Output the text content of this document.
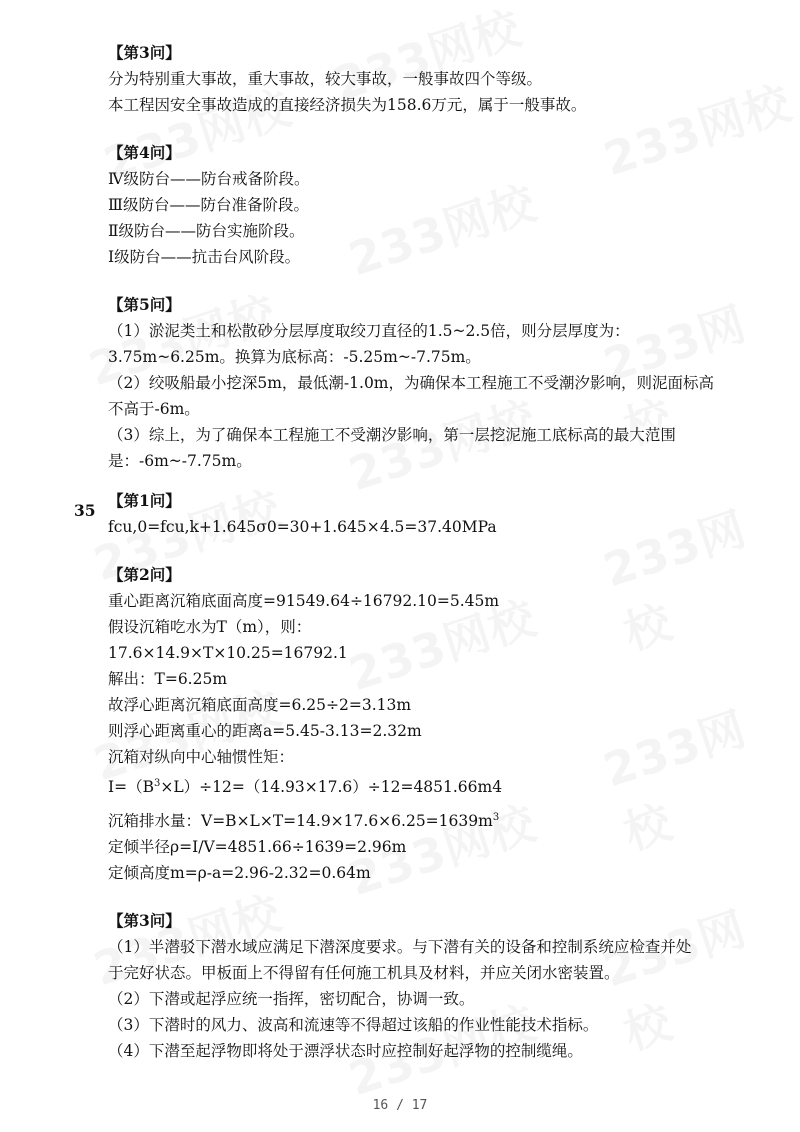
35
【第3问】
分为特别重大事故，重大事故，较大事故，一般事故四个等级。
本工程因安全事故造成的直接经济损失为158.6万元，属于一般事故。
【第4问】
Ⅳ级防台——防台戒备阶段。
Ⅲ级防台——防台准备阶段。
Ⅱ级防台——防台实施阶段。
Ⅰ级防台——抗击台风阶段。
【第5问】
（1）淤泥类土和松散砂分层厚度取绞刀直径的1.5~2.5倍，则分层厚度为：
3.75m~6.25m。换算为底标高：-5.25m~-7.75m。
（2）绞吸船最小挖深5m，最低潮-1.0m，为确保本工程施工不受潮汐影响，则泥面标高
不高于-6m。
（3）综上，为了确保本工程施工不受潮汐影响，第一层挖泥施工底标高的最大范围
是：-6m~-7.75m。
【第1问】
fcu,0=fcu,k+1.645σ0=30+1.645×4.5=37.40MPa
【第2问】
重心距离沉箱底面高度=91549.64÷16792.10=5.45m
假设沉箱吃水为T（m），则：
17.6×14.9×T×10.25=16792.1
解出：T=6.25m
故浮心距离沉箱底面高度=6.25÷2=3.13m
则浮心距离重心的距离a=5.45-3.13=2.32m
沉箱对纵向中心轴惯性矩：
$I=(B^3\times L)\div 12=(14.93\times 17.6)\div 12=4851.66m4$
沉箱排水量：$V=B\times L\times T=14.9\times 17.6\times 6.25=1639m^3$
定倾半径ρ=I/V=4851.66÷1639=2.96m
定倾高度m=ρ-a=2.96-2.32=0.64m
【第3问】
（1）半潜驳下潜水域应满足下潜深度要求。与下潜有关的设备和控制系统应检查并处
于完好状态。甲板面上不得留有任何施工机具及材料，并应关闭水密装置。
（2）下潜或起浮应统一指挥，密切配合，协调一致。
（3）下潜时的风力、波高和流速等不得超过该船的作业性能技术指标。
（4）下潜至起浮物即将处于漂浮状态时应控制好起浮物的控制缆绳。
16 / 17
